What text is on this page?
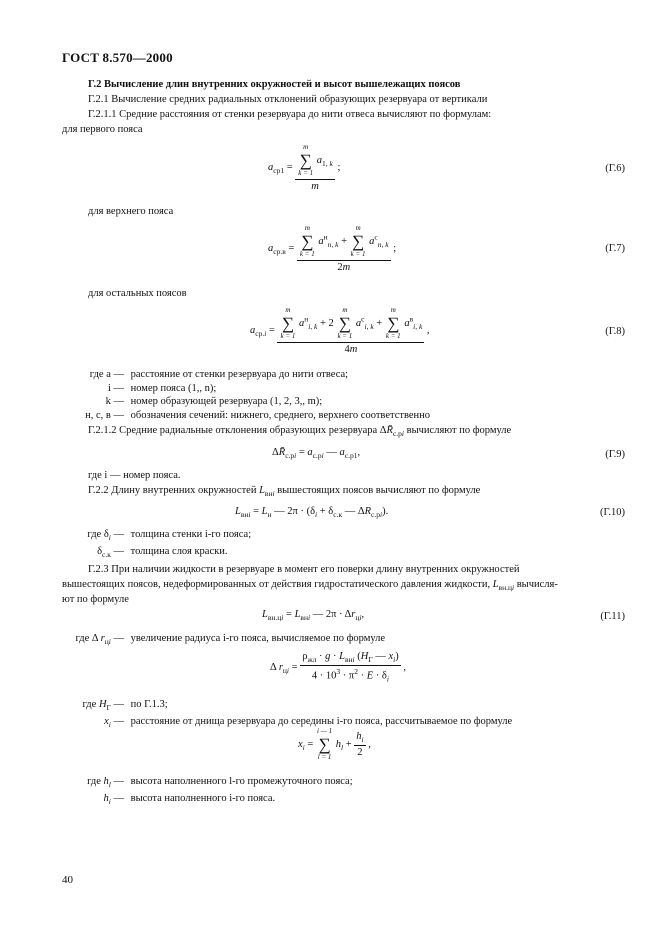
ГОСТ 8.570—2000
Г.2 Вычисление длин внутренних окружностей и высот вышележащих поясов
Г.2.1 Вычисление средних радиальных отклонений образующих резервуара от вертикали
Г.2.1.1 Средние расстояния от стенки резервуара до нити отвеса вычисляют по формулам:
для первого пояса
$a_{ср1} = m$
∑
k = 1
$a_{1, k}$
m ;	(Г.6)
для верхнего пояса
$a_{ср.в} = m$
∑
k = 1
$a^н_{n, k}$ +
m
∑
k = 1
$a^с_{n, k}$
2m ;	(Г.7)
для остальных поясов
$a_{ср.i}$ =
m
∑
k = 1
$a^н_{i, k} + 2$
m
∑
k = 1
$a^с_{i, k}$ +
m
∑
k = 1
$a^в_{i, k}$
4m
,	(Г.8)
где a — расстояние от стенки резервуара до нити отвеса;
i — номер пояса (1,, n);
k — номер образующей резервуара (1, 2, 3,, m);
н, с, в — обозначения сечений: нижнего, среднего, верхнего соответственно
Г.2.1.2 Средние радиальные отклонения образующих резервуара $\Delta R̄_{с.рi}$ вычисляют по формуле
$\Delta R̄_{с.рi} = a_{с.рi}$ — $a_{с.р1}$,	(Г.9)
где i — номер пояса.
Г.2.2 Длину внутренних окружностей $L_{внi}$ вышестоящих поясов вычисляют по формуле
$L_{внi} = L_н$ — $2\pi \cdot (\delta_i + \delta_{с.к}$ — $\Delta R_{с.рi}$).	(Г.10)
где $\delta_i$ — толщина стенки i-го пояса;
$\delta_{с.к}$ — толщина слоя краски.
Г.2.3 При наличии жидкости в резервуаре в момент его поверки длину внутренних окружностей
вышестоящих поясов, недеформированных от действия гидростатического давления жидкости, $L_{вн.цi}$ вычисля-
ют по формуле
$L_{вн.цi} = L_{внi}$ — $2\pi \cdot \Delta r_{цi}$,	(Г.11)
где Δ $r_{цi}$ — увеличение радиуса i-го пояса, вычисляемое по формуле
Δ $r_{цi} = \frac{\rho_{жл} \cdot g \cdot L_{внi} (H_Г — x_i)}{4 \cdot 10^3 \cdot \pi^2 \cdot E \cdot \delta_i}$ ,
где $H_Г$ — по Г.1.3;
$x_i$ — расстояние от днища резервуара до середины i-го пояса, рассчитываемое по формуле
$x_i$ =
i — 1
∑
l = 1
$h_l + \frac{h_i}{2}$ ,
где $h_l$ — высота наполненного l-го промежуточного пояса;
$h_i$ — высота наполненного i-го пояса.
40
